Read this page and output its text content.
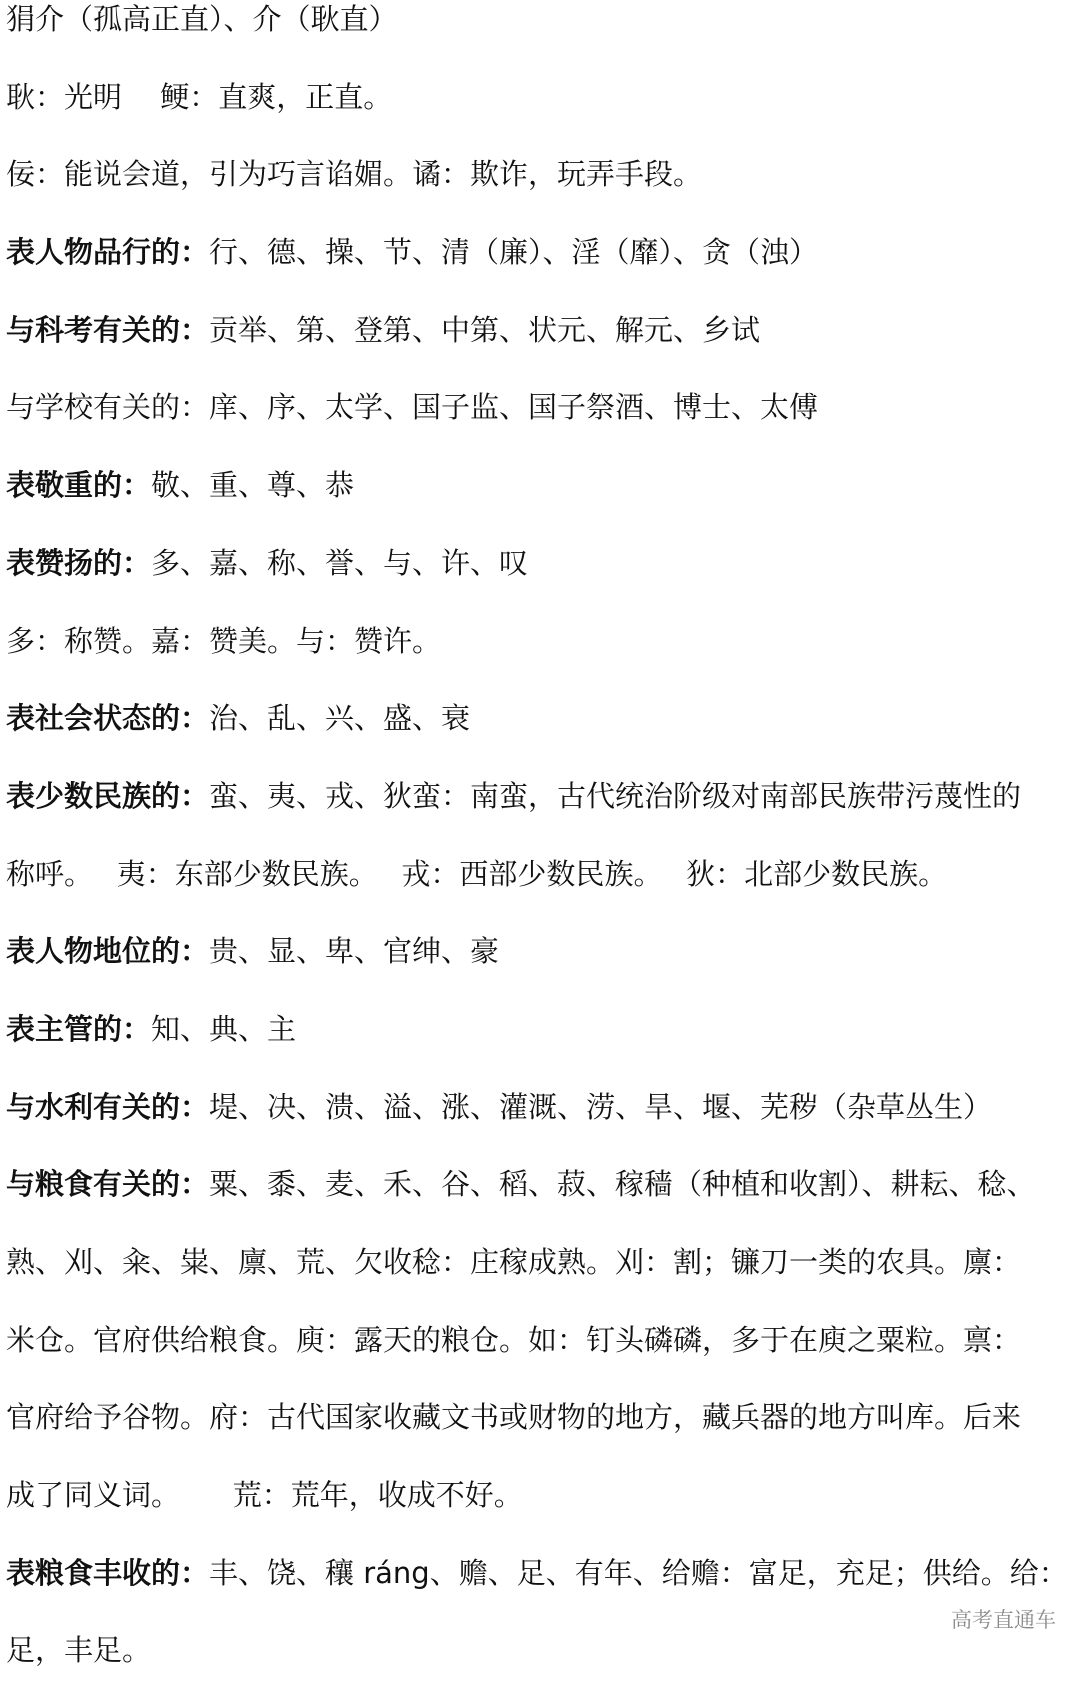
狷介（孤高正直）、介（耿直）
耿：光明　 鲠：直爽，正直。
佞：能说会道，引为巧言谄媚。谲：欺诈，玩弄手段。
表人物品行的：行、德、操、节、清（廉）、淫（靡）、贪（浊）
与科考有关的：贡举、第、登第、中第、状元、解元、乡试
与学校有关的：庠、序、太学、国子监、国子祭酒、博士、太傅
表敬重的：敬、重、尊、恭
表赞扬的：多、嘉、称、誉、与、许、叹
多：称赞。嘉：赞美。与：赞许。
表社会状态的：治、乱、兴、盛、衰
表少数民族的：蛮、夷、戎、狄蛮：南蛮，古代统治阶级对南部民族带污蔑性的
称呼。　 夷：东部少数民族。　 戎：西部少数民族。　 狄：北部少数民族。
表人物地位的：贵、显、卑、官绅、豪
表主管的：知、典、主
与水利有关的：堤、决、溃、溢、涨、灌溉、涝、旱、堰、芜秽（杂草丛生）
与粮食有关的：粟、黍、麦、禾、谷、稻、菽、稼穑（种植和收割）、耕耘、稔、
熟、刈、籴、粜、廪、荒、欠收稔：庄稼成熟。刈：割；镰刀一类的农具。廪：
米仓。官府供给粮食。庾：露天的粮仓。如：钉头磷磷，多于在庾之粟粒。禀：
官府给予谷物。府：古代国家收藏文书或财物的地方，藏兵器的地方叫库。后来
成了同义词。　　 荒：荒年，收成不好。
表粮食丰收的：丰、饶、穰 ráng、赡、足、有年、给赡：富足，充足；供给。给：
足，丰足。
高考直通车
